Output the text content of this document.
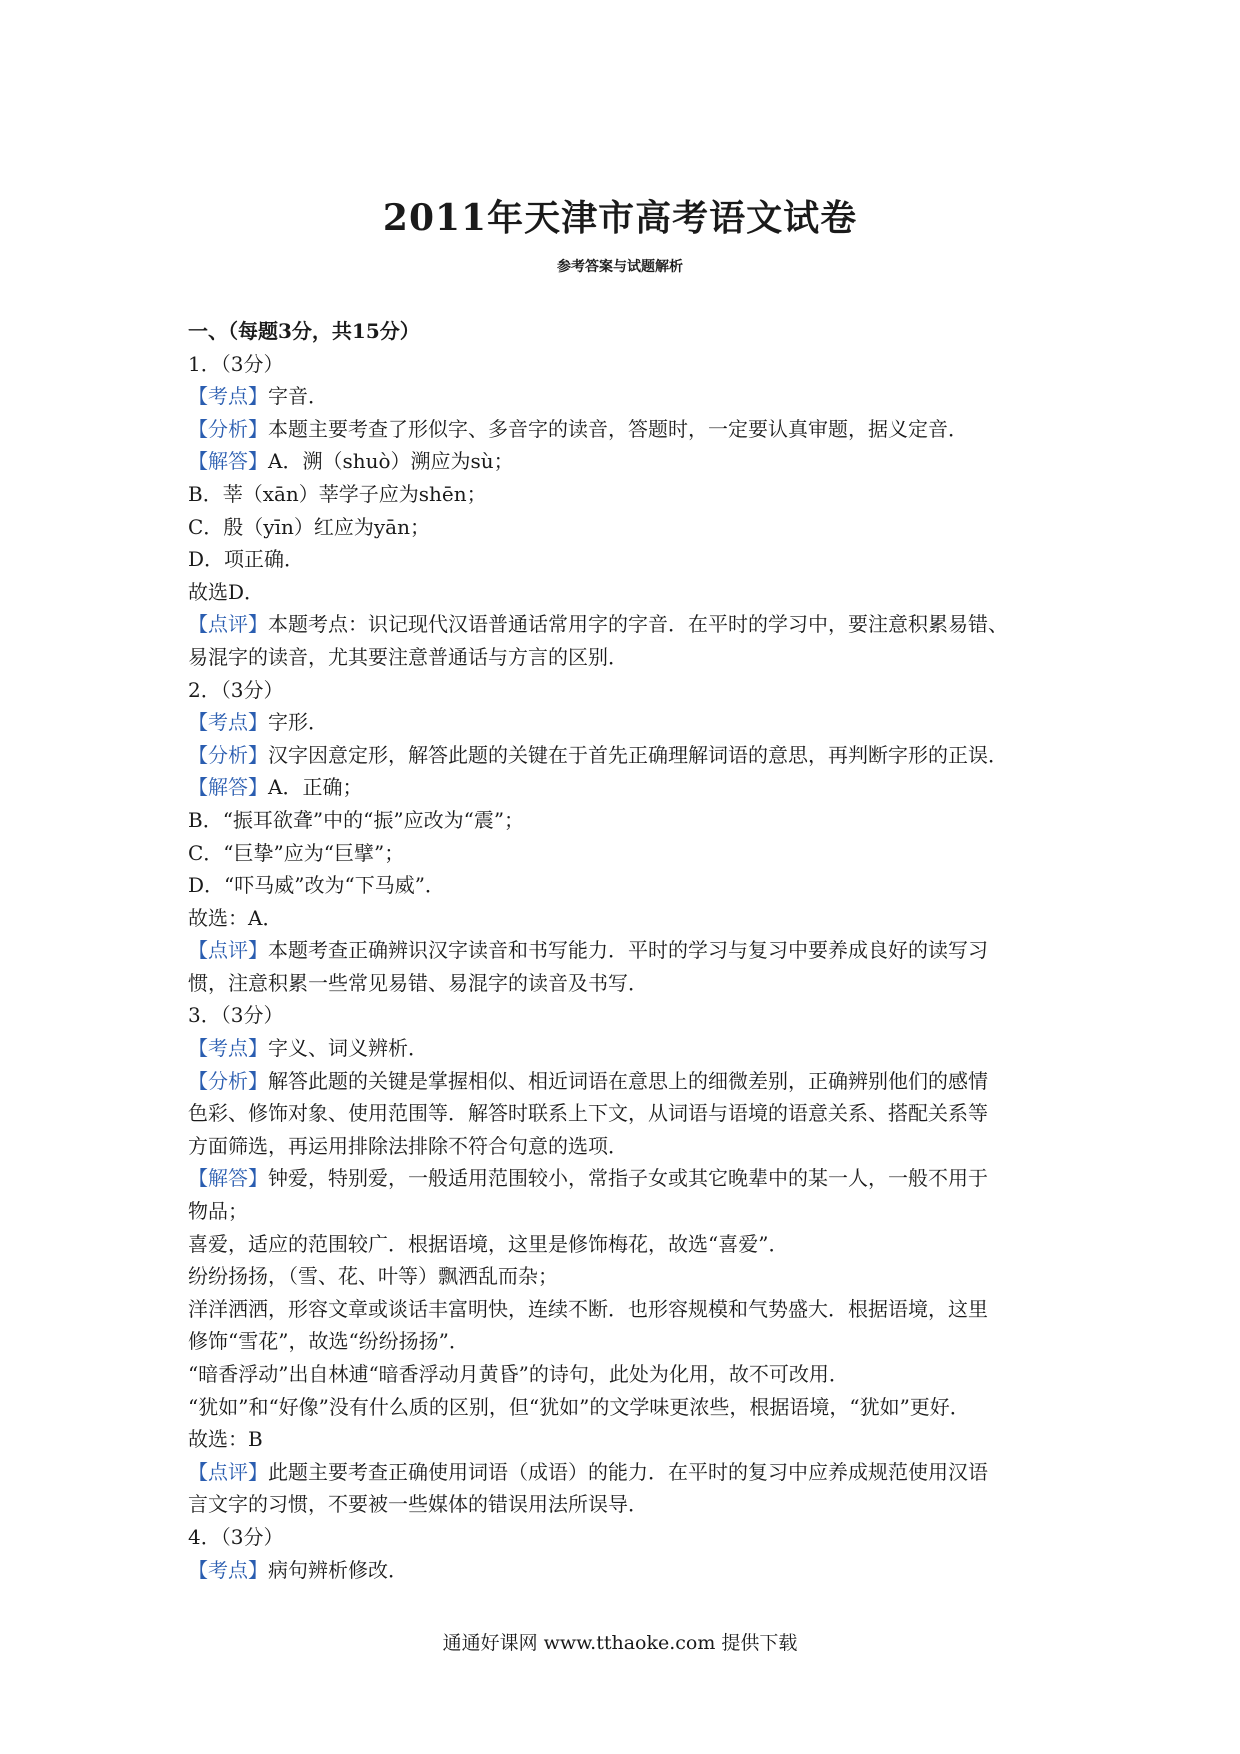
2011年天津市高考语文试卷
参考答案与试题解析
一、（每题3分，共15分）
1．（3分）
【考点】字音．
【分析】本题主要考查了形似字、多音字的读音，答题时，一定要认真审题，据义定音．
【解答】A．溯（shuò）溯应为sù；
B．莘（xān）莘学子应为shēn；
C．殷（yīn）红应为yān；
D．项正确．
故选D．
【点评】本题考点：识记现代汉语普通话常用字的字音．在平时的学习中，要注意积累易错、
易混字的读音，尤其要注意普通话与方言的区别．
2．（3分）
【考点】字形．
【分析】汉字因意定形，解答此题的关键在于首先正确理解词语的意思，再判断字形的正误．
【解答】A．正确；
B．“振耳欲聋”中的“振”应改为“震”；
C．“巨挚”应为“巨擘”；
D．“吓马威”改为“下马威”．
故选：A．
【点评】本题考查正确辨识汉字读音和书写能力．平时的学习与复习中要养成良好的读写习
惯，注意积累一些常见易错、易混字的读音及书写．
3．（3分）
【考点】字义、词义辨析．
【分析】解答此题的关键是掌握相似、相近词语在意思上的细微差别，正确辨别他们的感情
色彩、修饰对象、使用范围等．解答时联系上下文，从词语与语境的语意关系、搭配关系等
方面筛选，再运用排除法排除不符合句意的选项．
【解答】钟爱，特别爱，一般适用范围较小，常指子女或其它晚辈中的某一人，一般不用于
物品；
喜爱，适应的范围较广．根据语境，这里是修饰梅花，故选“喜爱”．
纷纷扬扬，（雪、花、叶等）飘洒乱而杂；
洋洋洒洒，形容文章或谈话丰富明快，连续不断．也形容规模和气势盛大．根据语境，这里
修饰“雪花”，故选“纷纷扬扬”．
“暗香浮动”出自林逋“暗香浮动月黄昏”的诗句，此处为化用，故不可改用．
“犹如”和“好像”没有什么质的区别，但“犹如”的文学味更浓些，根据语境，“犹如”更好．
故选：B
【点评】此题主要考查正确使用词语（成语）的能力．在平时的复习中应养成规范使用汉语
言文字的习惯，不要被一些媒体的错误用法所误导．
4．（3分）
【考点】病句辨析修改．
通通好课网 www.tthaoke.com 提供下载
